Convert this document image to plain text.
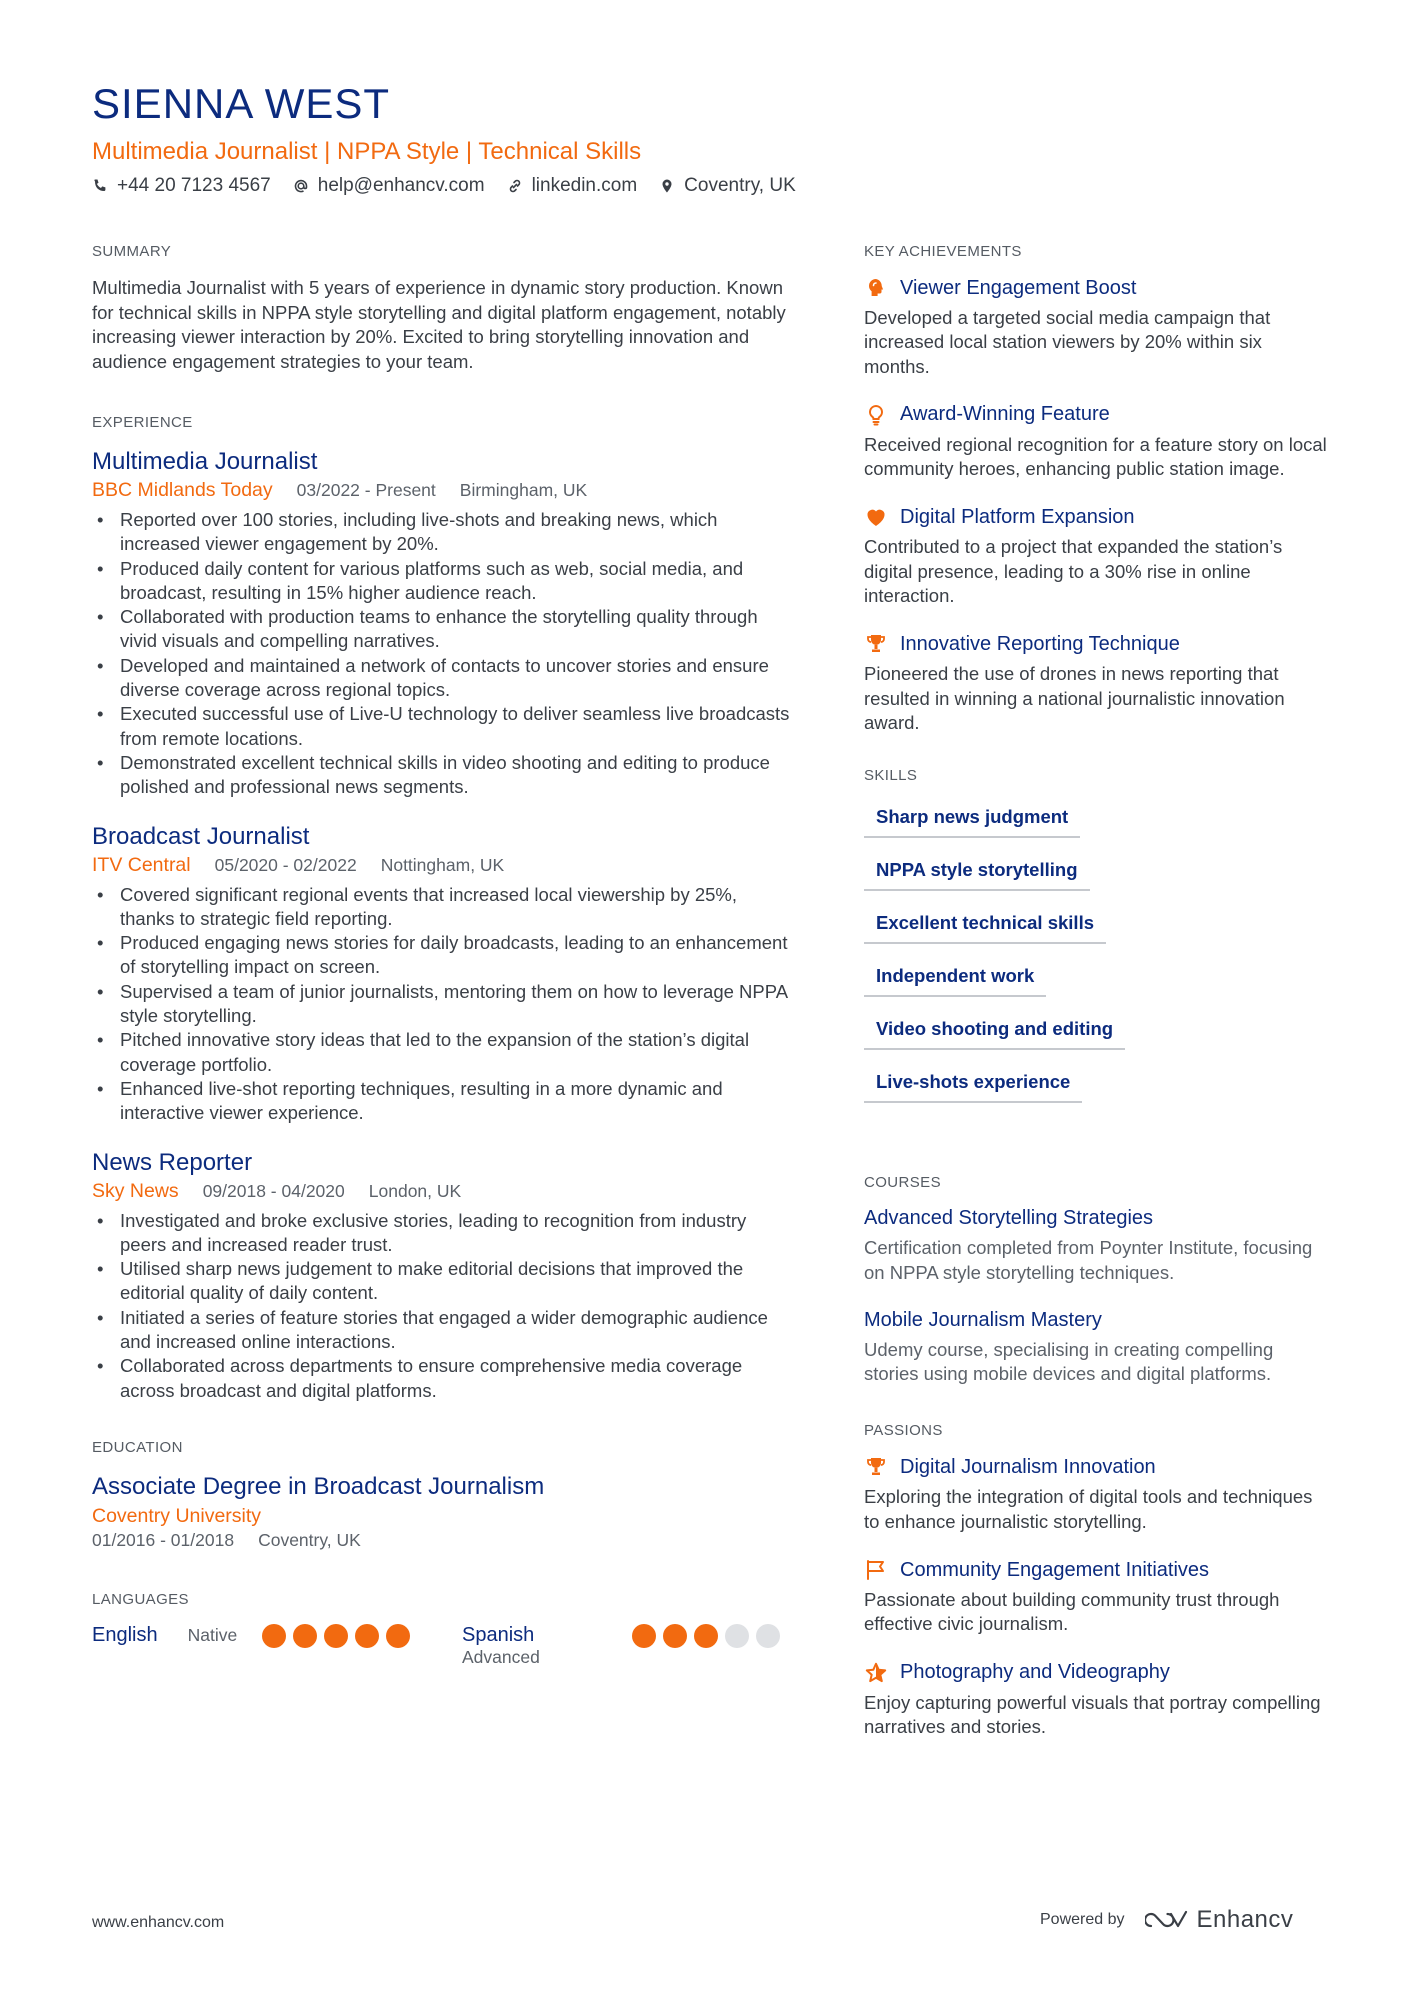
SIENNA WEST
Multimedia Journalist | NPPA Style | Technical Skills
+44 20 7123 4567 help@enhancv.com linkedin.com Coventry, UK
SUMMARY
Multimedia Journalist with 5 years of experience in dynamic story production. Known for technical skills in NPPA style storytelling and digital platform engagement, notably increasing viewer interaction by 20%. Excited to bring storytelling innovation and audience engagement strategies to your team.
EXPERIENCE
Multimedia Journalist
BBC Midlands Today 03/2022 - Present Birmingham, UK
• Reported over 100 stories, including live-shots and breaking news, which increased viewer engagement by 20%.
• Produced daily content for various platforms such as web, social media, and broadcast, resulting in 15% higher audience reach.
• Collaborated with production teams to enhance the storytelling quality through vivid visuals and compelling narratives.
• Developed and maintained a network of contacts to uncover stories and ensure diverse coverage across regional topics.
• Executed successful use of Live-U technology to deliver seamless live broadcasts from remote locations.
• Demonstrated excellent technical skills in video shooting and editing to produce polished and professional news segments.
Broadcast Journalist
ITV Central 05/2020 - 02/2022 Nottingham, UK
• Covered significant regional events that increased local viewership by 25%, thanks to strategic field reporting.
• Produced engaging news stories for daily broadcasts, leading to an enhancement of storytelling impact on screen.
• Supervised a team of junior journalists, mentoring them on how to leverage NPPA style storytelling.
• Pitched innovative story ideas that led to the expansion of the station’s digital coverage portfolio.
• Enhanced live-shot reporting techniques, resulting in a more dynamic and interactive viewer experience.
News Reporter
Sky News 09/2018 - 04/2020 London, UK
• Investigated and broke exclusive stories, leading to recognition from industry peers and increased reader trust.
• Utilised sharp news judgement to make editorial decisions that improved the editorial quality of daily content.
• Initiated a series of feature stories that engaged a wider demographic audience and increased online interactions.
• Collaborated across departments to ensure comprehensive media coverage across broadcast and digital platforms.
EDUCATION
Associate Degree in Broadcast Journalism
Coventry University
01/2016 - 01/2018 Coventry, UK
LANGUAGES
English Native	Spanish
Advanced
KEY ACHIEVEMENTS
Viewer Engagement Boost
Developed a targeted social media campaign that increased local station viewers by 20% within six months.
Award-Winning Feature
Received regional recognition for a feature story on local community heroes, enhancing public station image.
Digital Platform Expansion
Contributed to a project that expanded the station’s digital presence, leading to a 30% rise in online interaction.
Innovative Reporting Technique
Pioneered the use of drones in news reporting that resulted in winning a national journalistic innovation award.
SKILLS
Sharp news judgment
NPPA style storytelling
Excellent technical skills
Independent work
Video shooting and editing
Live-shots experience
COURSES
Advanced Storytelling Strategies
Certification completed from Poynter Institute, focusing on NPPA style storytelling techniques.
Mobile Journalism Mastery
Udemy course, specialising in creating compelling stories using mobile devices and digital platforms.
PASSIONS
Digital Journalism Innovation
Exploring the integration of digital tools and techniques to enhance journalistic storytelling.
Community Engagement Initiatives
Passionate about building community trust through effective civic journalism.
Photography and Videography
Enjoy capturing powerful visuals that portray compelling narratives and stories.
www.enhancv.com	Powered by	Enhancv
